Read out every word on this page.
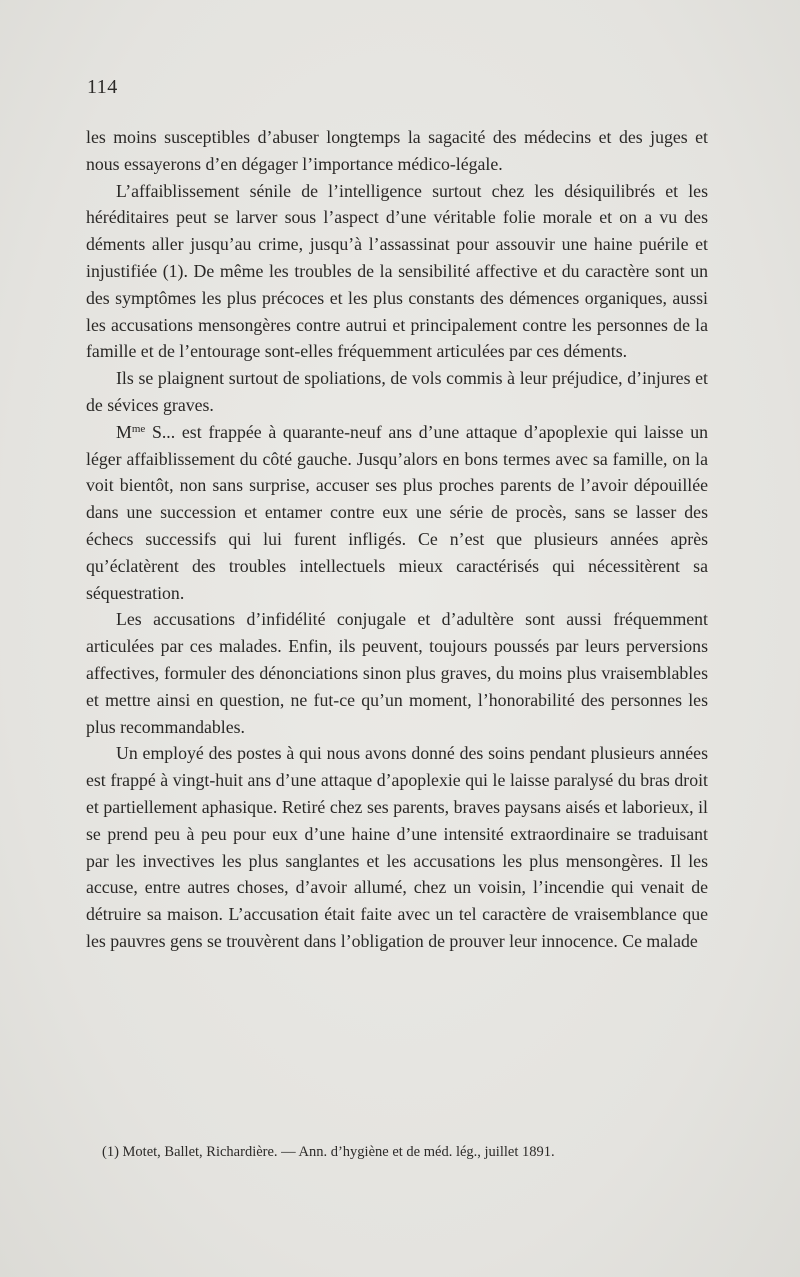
114

les moins susceptibles d’abuser longtemps la sagacité des médecins et des juges et nous essayerons d’en dégager l’importance médico-légale.

L’affaiblissement sénile de l’intelligence surtout chez les désiquilibrés et les héréditaires peut se larver sous l’aspect d’une véritable folie morale et on a vu des déments aller jusqu’au crime, jusqu’à l’assassinat pour assouvir une haine puérile et injustifiée (1). De même les troubles de la sensibilité affective et du caractère sont un des symptômes les plus précoces et les plus constants des démences organiques, aussi les accusations mensongères contre autrui et principalement contre les personnes de la famille et de l’entourage sont-elles fréquemment articulées par ces déments.

Ils se plaignent surtout de spoliations, de vols commis à leur préjudice, d’injures et de sévices graves.

$M^{me}$ S... est frappée à quarante-neuf ans d’une attaque d’apoplexie qui laisse un léger affaiblissement du côté gauche. Jusqu’alors en bons termes avec sa famille, on la voit bientôt, non sans surprise, accuser ses plus proches parents de l’avoir dépouillée dans une succession et entamer contre eux une série de procès, sans se lasser des échecs successifs qui lui furent infligés. Ce n’est que plusieurs années après qu’éclatèrent des troubles intellectuels mieux caractérisés qui nécessitèrent sa séquestration.

Les accusations d’infidélité conjugale et d’adultère sont aussi fréquemment articulées par ces malades. Enfin, ils peuvent, toujours poussés par leurs perversions affectives, formuler des dénonciations sinon plus graves, du moins plus vraisemblables et mettre ainsi en question, ne fut-ce qu’un moment, l’honorabilité des personnes les plus recommandables.

Un employé des postes à qui nous avons donné des soins pendant plusieurs années est frappé à vingt-huit ans d’une attaque d’apoplexie qui le laisse paralysé du bras droit et partiellement aphasique. Retiré chez ses parents, braves paysans aisés et laborieux, il se prend peu à peu pour eux d’une haine d’une intensité extraordinaire se traduisant par les invectives les plus sanglantes et les accusations les plus mensongères. Il les accuse, entre autres choses, d’avoir allumé, chez un voisin, l’incendie qui venait de détruire sa maison. L’accusation était faite avec un tel caractère de vraisemblance que les pauvres gens se trouvèrent dans l’obligation de prouver leur innocence. Ce malade

(1) Motet, Ballet, Richardière. — Ann. d’hygiène et de méd. lég., juillet 1891.
